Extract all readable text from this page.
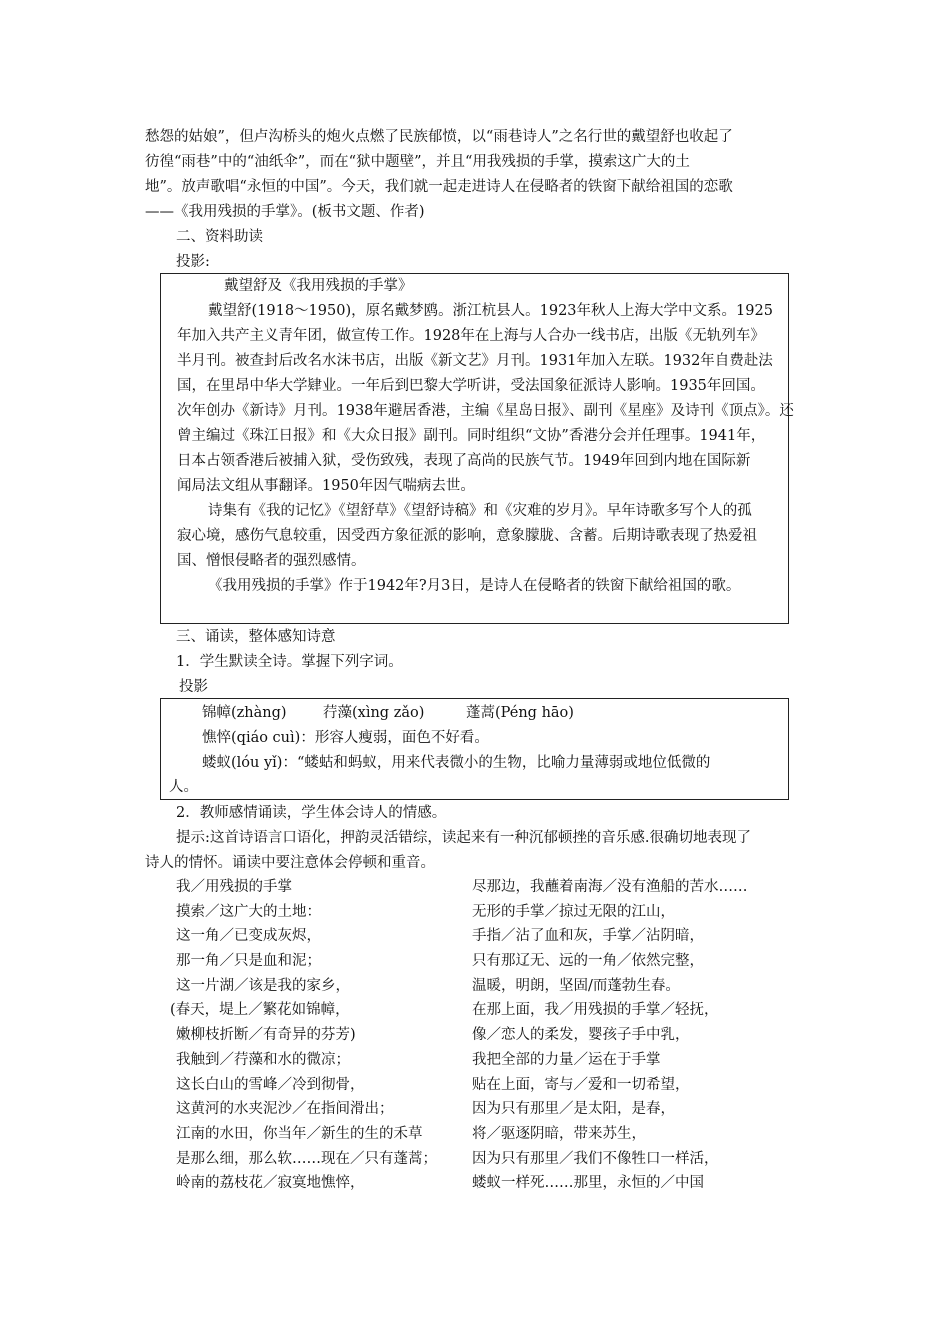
愁怨的姑娘”，但卢沟桥头的炮火点燃了民族郁愤，以“雨巷诗人”之名行世的戴望舒也收起了
彷徨“雨巷”中的“油纸伞”，而在“狱中题壁”，并且“用我残损的手掌，摸索这广大的土
地”。放声歌唱“永恒的中国”。今天，我们就一起走进诗人在侵略者的铁窗下献给祖国的恋歌
——《我用残损的手掌》。(板书文题、作者)
二、资料助读
投影:
戴望舒及《我用残损的手掌》
戴望舒(1918～1950)，原名戴梦鸥。浙江杭县人。1923年秋人上海大学中文系。1925
年加入共产主义青年团，做宣传工作。1928年在上海与人合办一线书店，出版《无轨列车》
半月刊。被查封后改名水沫书店，出版《新文艺》月刊。1931年加入左联。1932年自费赴法
国，在里昂中华大学肄业。一年后到巴黎大学听讲，受法国象征派诗人影响。1935年回国。
次年创办《新诗》月刊。1938年避居香港，主编《星岛日报》、副刊《星座》及诗刊《顶点》。还
曾主编过《珠江日报》和《大众日报》副刊。同时组织“文协”香港分会并任理事。1941年，
日本占领香港后被捕入狱，受伤致残，表现了高尚的民族气节。1949年回到内地在国际新
闻局法文组从事翻译。1950年因气喘病去世。
诗集有《我的记忆》《望舒草》《望舒诗稿》和《灾难的岁月》。早年诗歌多写个人的孤
寂心境，感伤气息较重，因受西方象征派的影响，意象朦胧、含蓄。后期诗歌表现了热爱祖
国、憎恨侵略者的强烈感情。
《我用残损的手掌》作于1942年?月3日，是诗人在侵略者的铁窗下献给祖国的歌。
三、诵读，整体感知诗意
1．学生默读全诗。掌握下列字词。
投影
锦幛(zhàng)	荇藻(xìng zǎo)	蓬蒿(Péng hāo)
憔悴(qiáo cuì)：形容人瘦弱，面色不好看。
蝼蚁(lóu yǐ)：“蝼蛄和蚂蚁，用来代表微小的生物，比喻力量薄弱或地位低微的
人。
2．教师感情诵读，学生体会诗人的情感。
提示:这首诗语言口语化，押韵灵活错综，读起来有一种沉郁顿挫的音乐感.很确切地表现了
诗人的情怀。诵读中要注意体会停顿和重音。
我／用残损的手掌
摸索／这广大的土地：
这一角／已变成灰烬，
那一角／只是血和泥；
这一片湖／该是我的家乡，
(春天，堤上／繁花如锦幛，
嫩柳枝折断／有奇异的芬芳)
我触到／荇藻和水的微凉；
这长白山的雪峰／冷到彻骨，
这黄河的水夹泥沙／在指间滑出；
江南的水田，你当年／新生的生的禾草
是那么细，那么软……现在／只有蓬蒿；
岭南的荔枝花／寂寞地憔悴，
尽那边，我蘸着南海／没有渔船的苦水……
无形的手掌／掠过无限的江山，
手指／沾了血和灰，手掌／沾阴暗，
只有那辽无、远的一角／依然完整，
温暖，明朗，坚固/而蓬勃生春。
在那上面，我／用残损的手掌／轻抚，
像／恋人的柔发，婴孩子手中乳，
我把全部的力量／运在于手掌
贴在上面，寄与／爱和一切希望，
因为只有那里／是太阳，是春，
将／驱逐阴暗，带来苏生，
因为只有那里／我们不像牲口一样活，
蝼蚁一样死……那里，永恒的／中国
